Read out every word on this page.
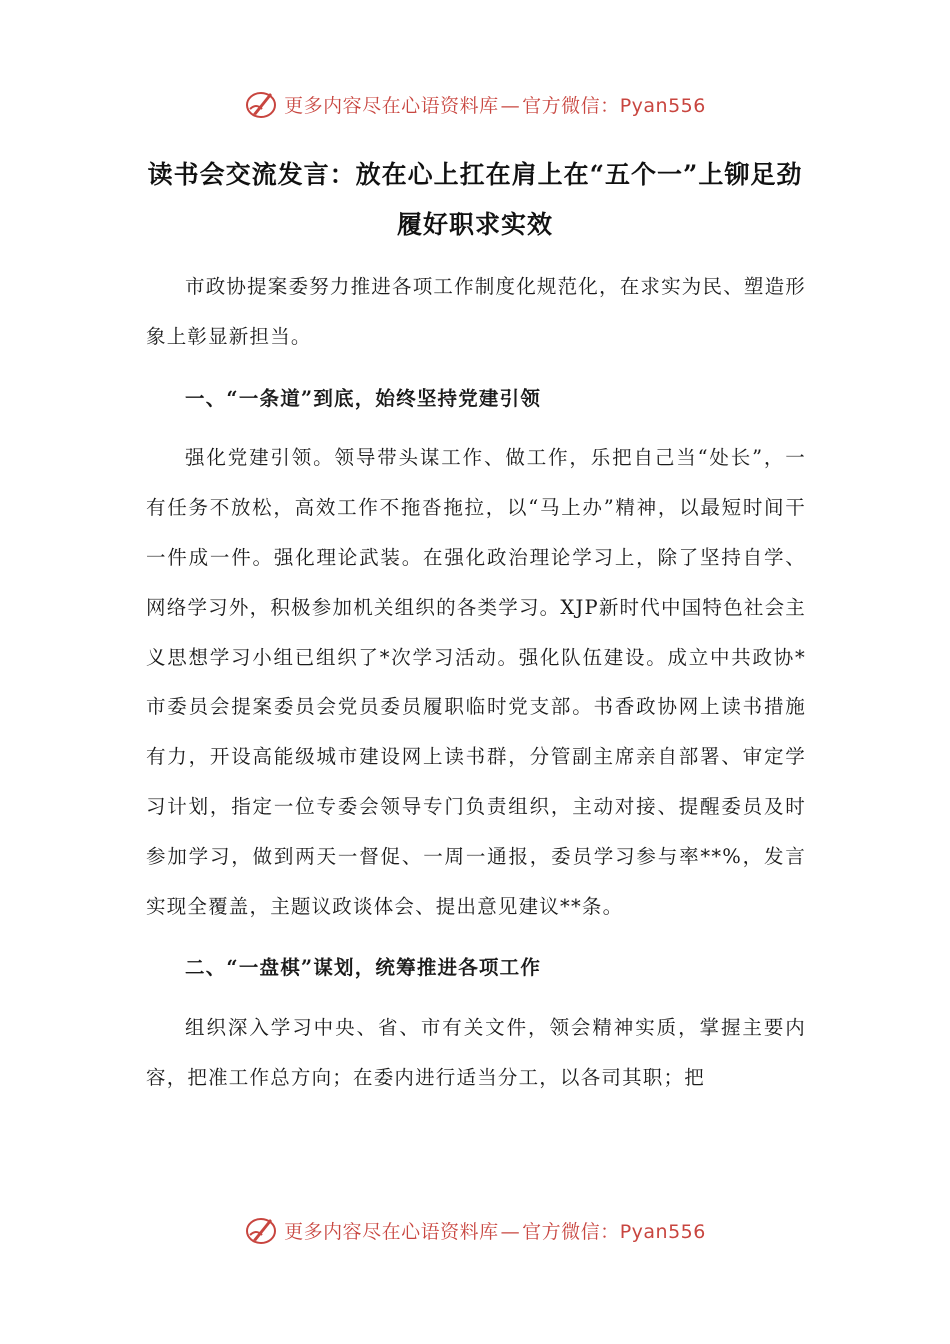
更多内容尽在心语资料库 — 官方微信：Pyan556
读书会交流发言：放在心上扛在肩上在“五个一”上铆足劲履好职求实效

市政协提案委努力推进各项工作制度化规范化，在求实为民、塑造形象上彰显新担当。

一、“一条道”到底，始终坚持党建引领

强化党建引领。领导带头谋工作、做工作，乐把自己当“处长”，一有任务不放松，高效工作不拖沓拖拉，以“马上办”精神，以最短时间干一件成一件。强化理论武装。在强化政治理论学习上，除了坚持自学、网络学习外，积极参加机关组织的各类学习。XJP新时代中国特色社会主义思想学习小组已组织了*次学习活动。强化队伍建设。成立中共政协*市委员会提案委员会党员委员履职临时党支部。书香政协网上读书措施有力，开设高能级城市建设网上读书群，分管副主席亲自部署、审定学习计划，指定一位专委会领导专门负责组织，主动对接、提醒委员及时参加学习，做到两天一督促、一周一通报，委员学习参与率**%，发言实现全覆盖，主题议政谈体会、提出意见建议**条。

二、“一盘棋”谋划，统筹推进各项工作

组织深入学习中央、省、市有关文件，领会精神实质，掌握主要内容，把准工作总方向；在委内进行适当分工，以各司其职；把

更多内容尽在心语资料库 — 官方微信：Pyan556
